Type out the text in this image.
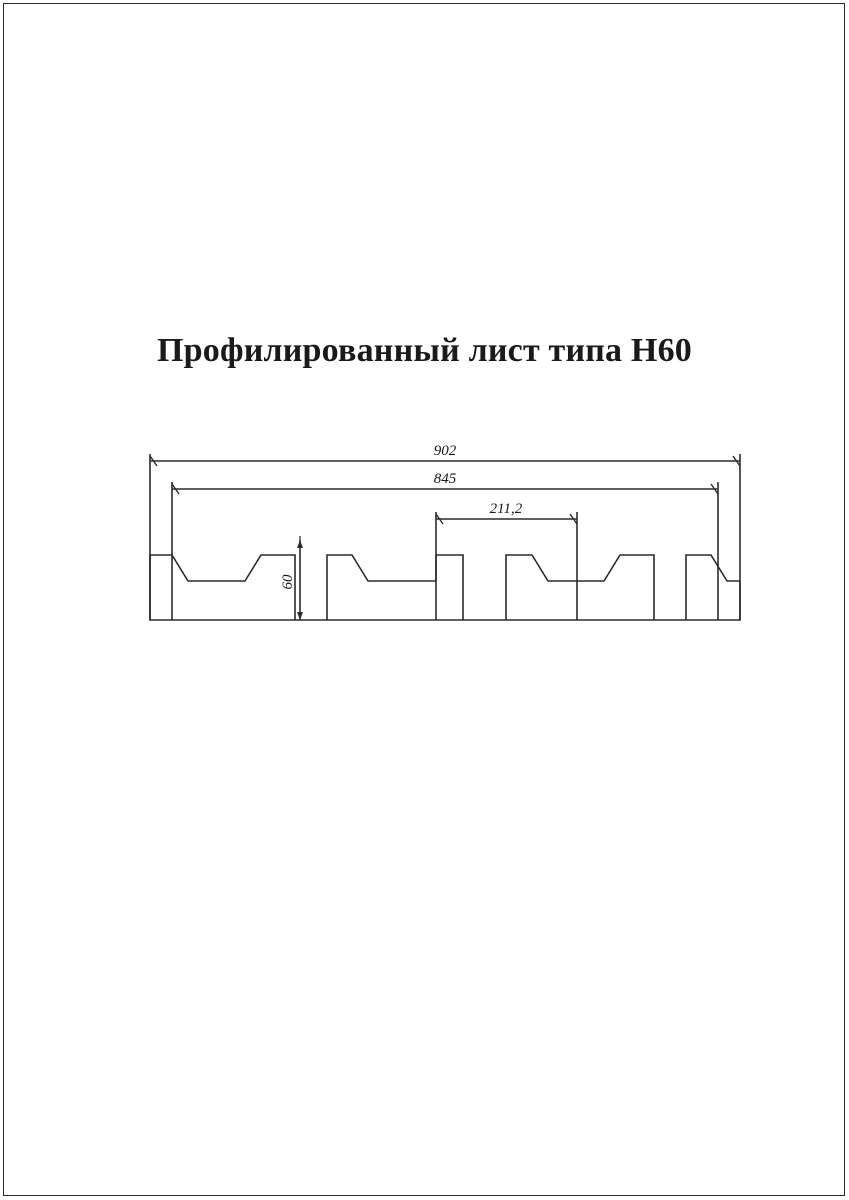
Профилированный лист типа Н60
902
845
211,2
60
